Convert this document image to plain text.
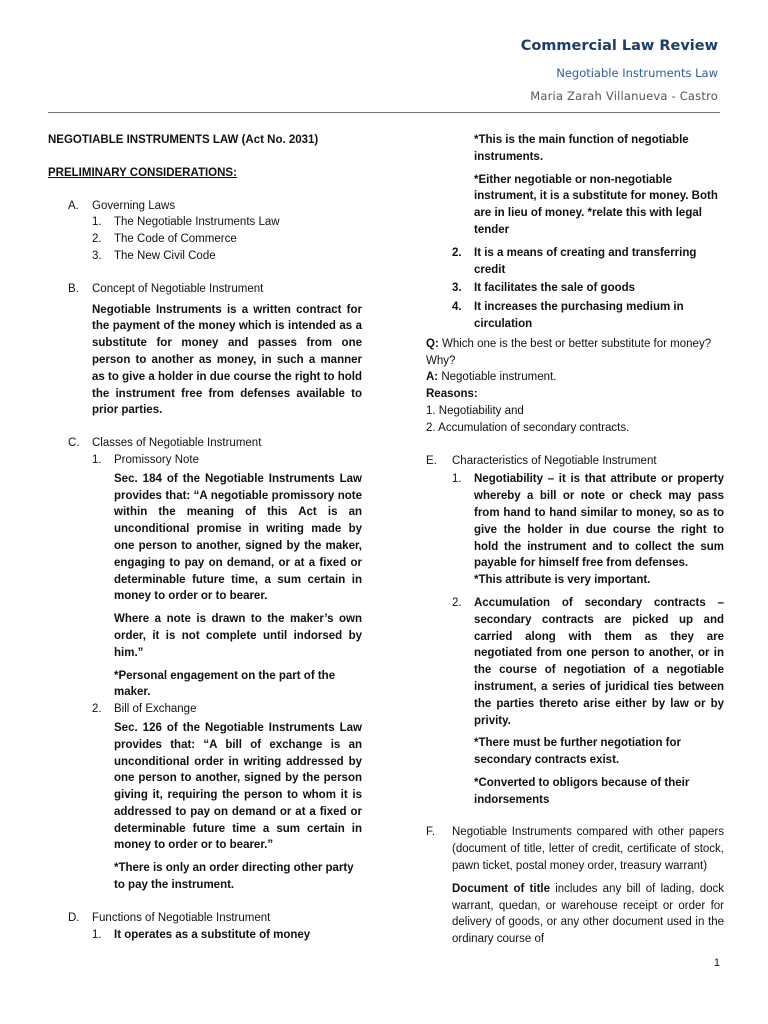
Commercial Law Review
Negotiable Instruments Law
Maria Zarah Villanueva - Castro
NEGOTIABLE INSTRUMENTS LAW (Act No. 2031)
PRELIMINARY CONSIDERATIONS:
A.	Governing Laws
1.	The Negotiable Instruments Law
2.	The Code of Commerce
3.	The New Civil Code
B.	Concept of Negotiable Instrument
Negotiable Instruments is a written contract for the payment of the money which is intended as a substitute for money and passes from one person to another as money, in such a manner as to give a holder in due course the right to hold the instrument free from defenses available to prior parties.
C.	Classes of Negotiable Instrument
1.	Promissory Note
Sec. 184 of the Negotiable Instruments Law provides that: “A negotiable promissory note within the meaning of this Act is an unconditional promise in writing made by one person to another, signed by the maker, engaging to pay on demand, or at a fixed or determinable future time, a sum certain in money to order or to bearer.
Where a note is drawn to the maker’s own order, it is not complete until indorsed by him.”
*Personal engagement on the part of the maker.
2.	Bill of Exchange
Sec. 126 of the Negotiable Instruments Law provides that: “A bill of exchange is an unconditional order in writing addressed by one person to another, signed by the person giving it, requiring the person to whom it is addressed to pay on demand or at a fixed or determinable future time a sum certain in money to order or to bearer.”
*There is only an order directing other party to pay the instrument.
D.	Functions of Negotiable Instrument
1.	It operates as a substitute of money
*This is the main function of negotiable instruments.
*Either negotiable or non-negotiable instrument, it is a substitute for money. Both are in lieu of money. *relate this with legal tender
2.	It is a means of creating and transferring credit
3.	It facilitates the sale of goods
4.	It increases the purchasing medium in circulation
Q: Which one is the best or better substitute for money? Why?
A: Negotiable instrument.
Reasons:
1. Negotiability and
2. Accumulation of secondary contracts.
E.	Characteristics of Negotiable Instrument
1.	Negotiability – it is that attribute or property whereby a bill or note or check may pass from hand to hand similar to money, so as to give the holder in due course the right to hold the instrument and to collect the sum payable for himself free from defenses.
*This attribute is very important.
2.	Accumulation of secondary contracts – secondary contracts are picked up and carried along with them as they are negotiated from one person to another, or in the course of negotiation of a negotiable instrument, a series of juridical ties between the parties thereto arise either by law or by privity.
*There must be further negotiation for secondary contracts exist.
*Converted to obligors because of their indorsements
F.	Negotiable Instruments compared with other papers (document of title, letter of credit, certificate of stock, pawn ticket, postal money order, treasury warrant)
Document of title includes any bill of lading, dock warrant, quedan, or warehouse receipt or order for delivery of goods, or any other document used in the ordinary course of
1
